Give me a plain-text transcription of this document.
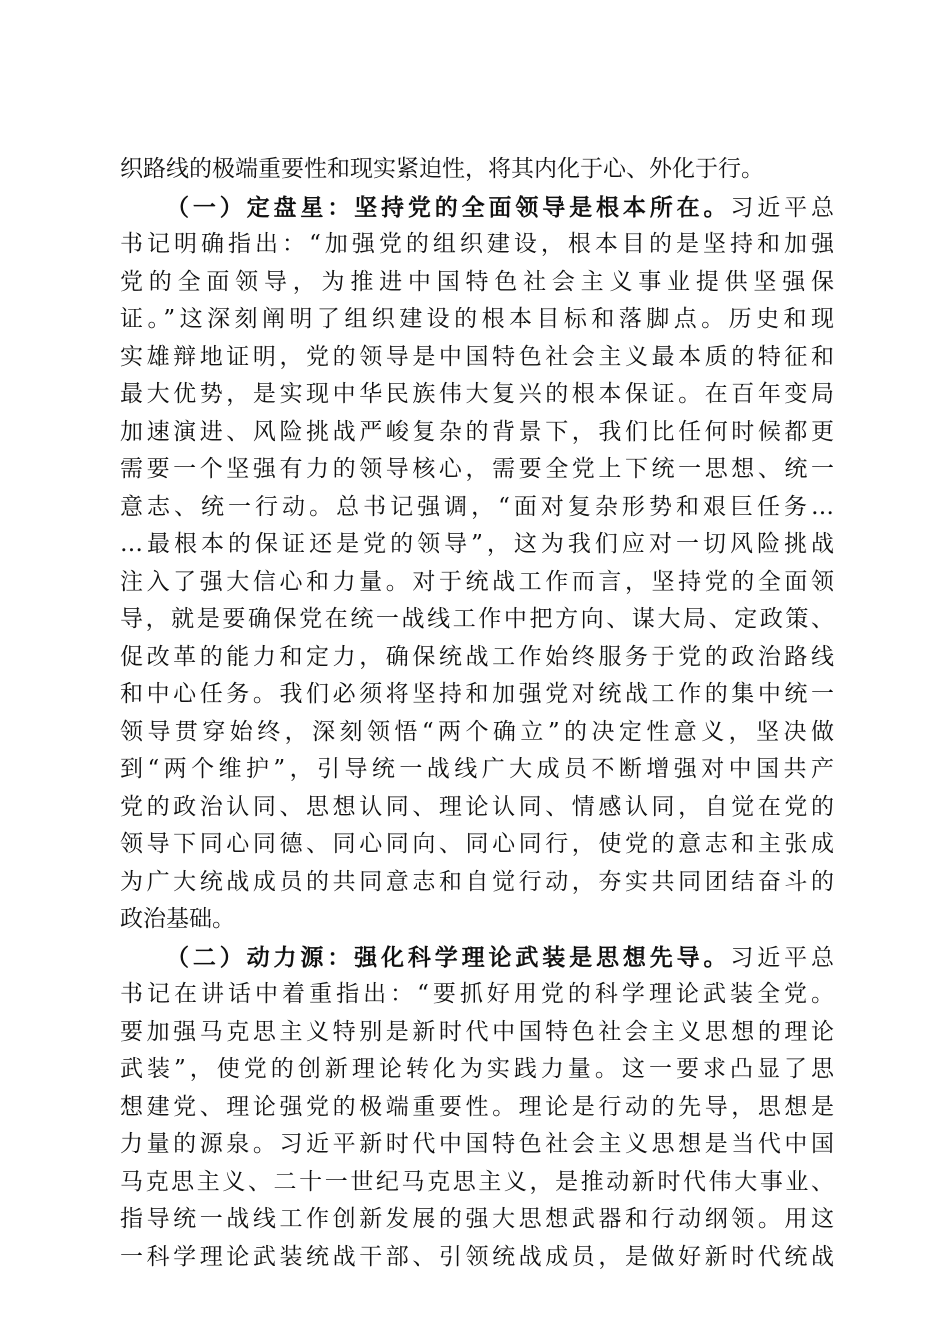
织路线的极端重要性和现实紧迫性，将其内化于心、外化于行。
（一）定盘星：坚持党的全面领导是根本所在。习近平总
书记明确指出：“加强党的组织建设，根本目的是坚持和加强
党的全面领导，为推进中国特色社会主义事业提供坚强保
证。”这深刻阐明了组织建设的根本目标和落脚点。历史和现
实雄辩地证明，党的领导是中国特色社会主义最本质的特征和
最大优势，是实现中华民族伟大复兴的根本保证。在百年变局
加速演进、风险挑战严峻复杂的背景下，我们比任何时候都更
需要一个坚强有力的领导核心，需要全党上下统一思想、统一
意志、统一行动。总书记强调，“面对复杂形势和艰巨任务…
…最根本的保证还是党的领导”，这为我们应对一切风险挑战
注入了强大信心和力量。对于统战工作而言，坚持党的全面领
导，就是要确保党在统一战线工作中把方向、谋大局、定政策、
促改革的能力和定力，确保统战工作始终服务于党的政治路线
和中心任务。我们必须将坚持和加强党对统战工作的集中统一
领导贯穿始终，深刻领悟“两个确立”的决定性意义，坚决做
到“两个维护”，引导统一战线广大成员不断增强对中国共产
党的政治认同、思想认同、理论认同、情感认同，自觉在党的
领导下同心同德、同心同向、同心同行，使党的意志和主张成
为广大统战成员的共同意志和自觉行动，夯实共同团结奋斗的
政治基础。
（二）动力源：强化科学理论武装是思想先导。习近平总
书记在讲话中着重指出：“要抓好用党的科学理论武装全党。
要加强马克思主义特别是新时代中国特色社会主义思想的理论
武装”，使党的创新理论转化为实践力量。这一要求凸显了思
想建党、理论强党的极端重要性。理论是行动的先导，思想是
力量的源泉。习近平新时代中国特色社会主义思想是当代中国
马克思主义、二十一世纪马克思主义，是推动新时代伟大事业、
指导统一战线工作创新发展的强大思想武器和行动纲领。用这
一科学理论武装统战干部、引领统战成员，是做好新时代统战
